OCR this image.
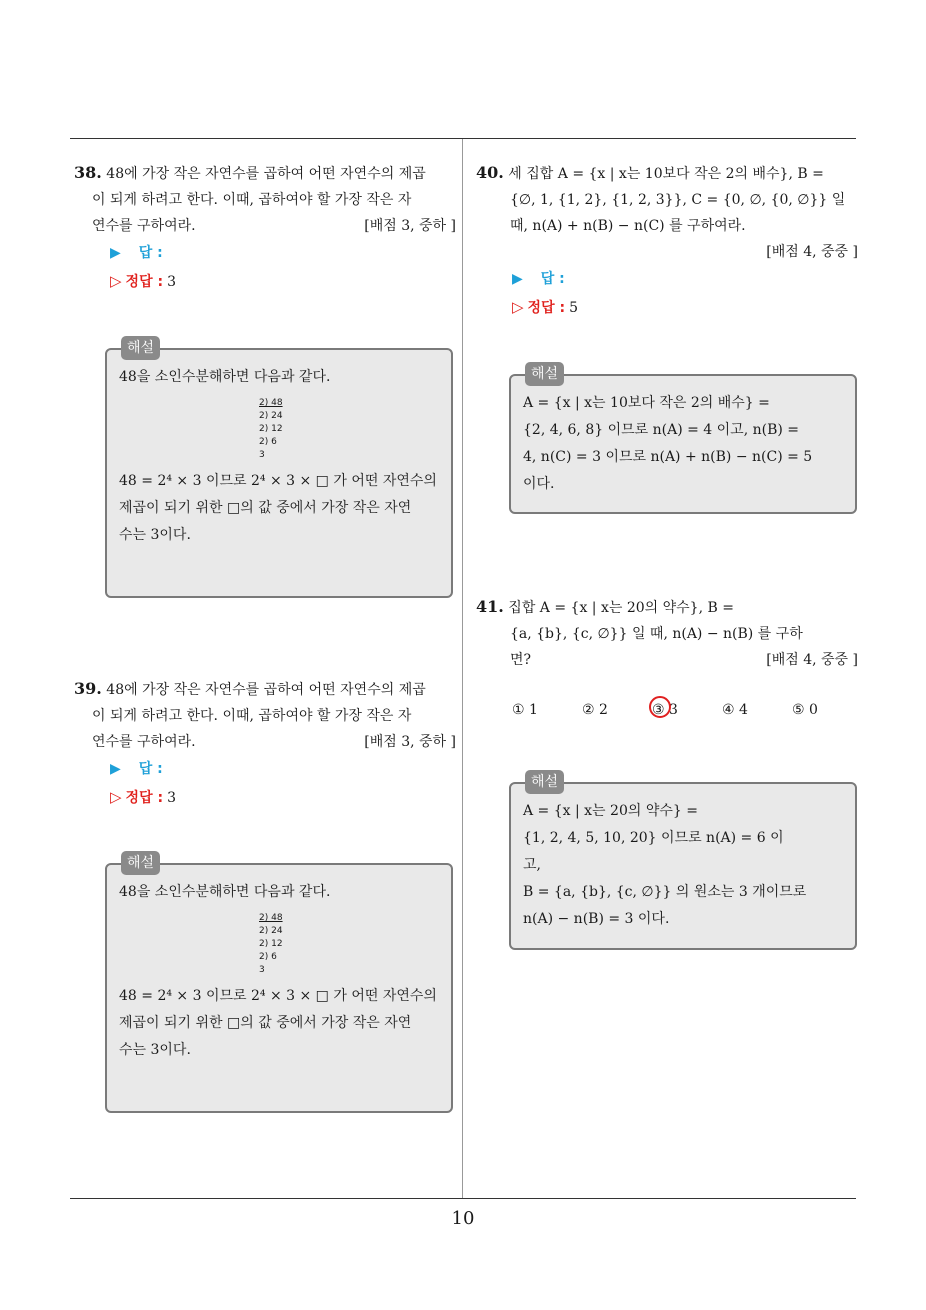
10
38. 48에 가장 작은 자연수를 곱하여 어떤 자연수의 제곱
이 되게 하려고 한다. 이때, 곱하여야 할 가장 작은 자
연수를 구하여라.	[배점 3, 중하 ]
▶ 답 :
▷ 정답 : 3
해설
48을 소인수분해하면 다음과 같다.
2) 48
2) 24
2) 12
2) 6
3
48 = 2⁴ × 3 이므로 2⁴ × 3 × □ 가 어떤 자연수의
제곱이 되기 위한 □의 값 중에서 가장 작은 자연
수는 3이다.
39. 48에 가장 작은 자연수를 곱하여 어떤 자연수의 제곱
이 되게 하려고 한다. 이때, 곱하여야 할 가장 작은 자
연수를 구하여라.	[배점 3, 중하 ]
▶ 답 :
▷ 정답 : 3
해설
48을 소인수분해하면 다음과 같다.
2) 48
2) 24
2) 12
2) 6
3
48 = 2⁴ × 3 이므로 2⁴ × 3 × □ 가 어떤 자연수의
제곱이 되기 위한 □의 값 중에서 가장 작은 자연
수는 3이다.
40. 세 집합 A = {x | x는 10보다 작은 2의 배수}, B =
{∅, 1, {1, 2}, {1, 2, 3}}, C = {0, ∅, {0, ∅}} 일
때, n(A) + n(B) − n(C) 를 구하여라.
[배점 4, 중중 ]
▶ 답 :
▷ 정답 : 5
해설
A = {x | x는 10보다 작은 2의 배수} =
{2, 4, 6, 8} 이므로 n(A) = 4 이고, n(B) =
4, n(C) = 3 이므로 n(A) + n(B) − n(C) = 5
이다.
41. 집합 A = {x | x는 20의 약수}, B =
{a, {b}, {c, ∅}} 일 때, n(A) − n(B) 를 구하
면?	[배점 4, 중중 ]
① 1	② 2	③ 3	④ 4	⑤ 0
해설
A = {x | x는 20의 약수} =
{1, 2, 4, 5, 10, 20} 이므로 n(A) = 6 이
고,
B = {a, {b}, {c, ∅}} 의 원소는 3 개이므로
n(A) − n(B) = 3 이다.
